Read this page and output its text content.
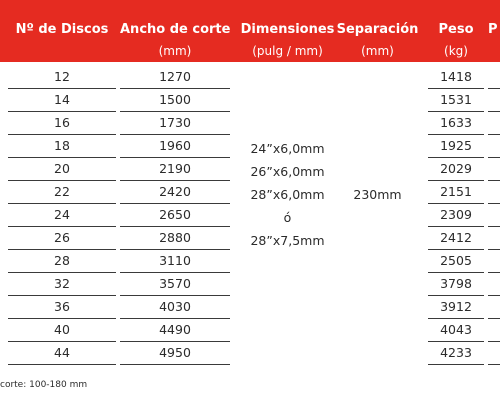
Nº de Discos
12
14
16
18
20
22
24
26
28
32
36
40
44
Ancho de corte
(mm)
1270
1500
1730
1960
2190
2420
2650
2880
3110
3570
4030
4490
4950
Dimensiones
(pulg / mm)
24”x6,0mm
26”x6,0mm
28”x6,0mm
ó
28”x7,5mm
Separación
(mm)
230mm
Peso
(kg)
1418
1531
1633
1925
2029
2151
2309
2412
2505
3798
3912
4043
4233
P
corte: 100-180 mm
